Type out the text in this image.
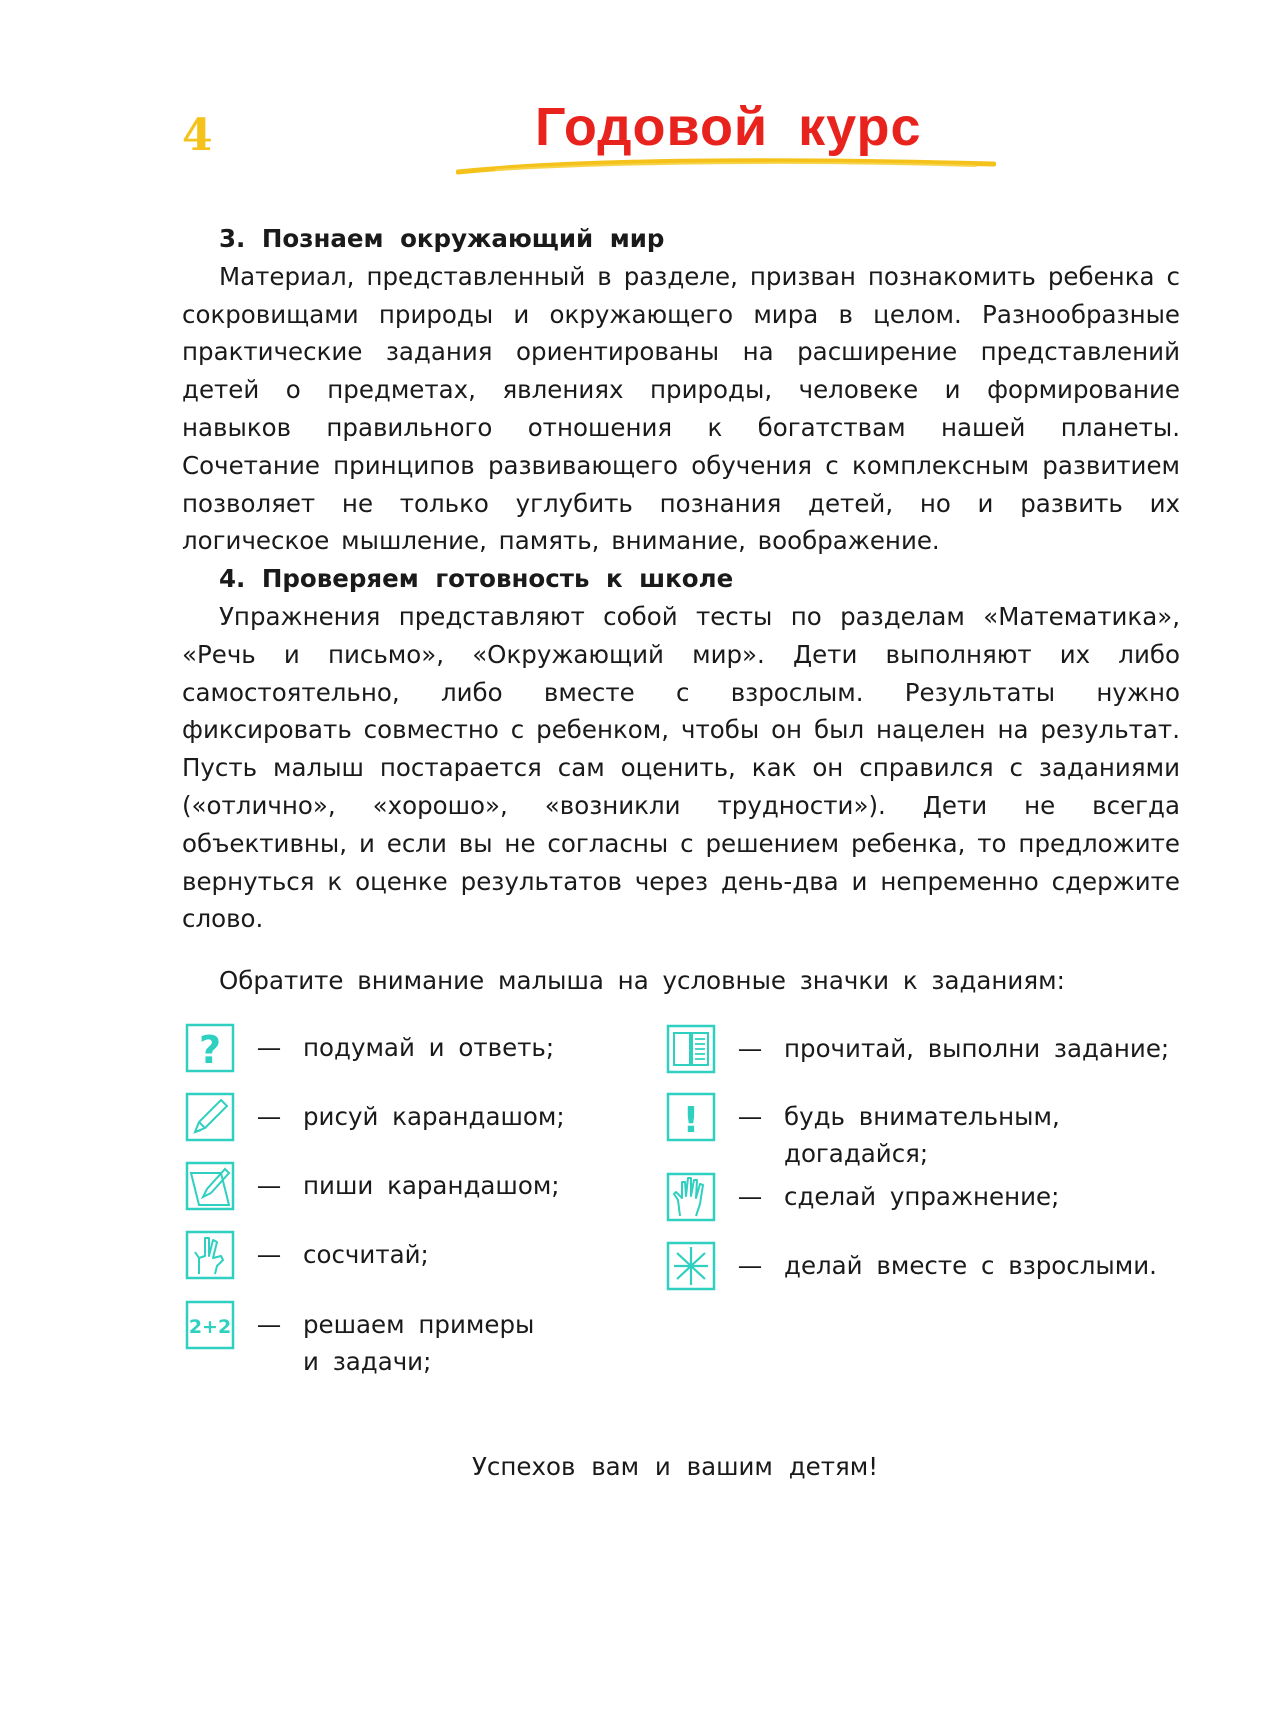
4	Годовой курс
3. Познаем окружающий мир

Материал, представленный в разделе, призван познакомить ребенка с сокровищами природы и окружающего мира в целом. Разнообразные практические задания ориентированы на расширение представлений детей о предметах, явлениях природы, человеке и формирование навыков правильного отношения к богатствам нашей планеты. Сочетание принципов развивающего обучения с комплексным развитием позволяет не только углубить познания детей, но и развить их логическое мышление, память, внимание, воображение.

4. Проверяем готовность к школе

Упражнения представляют собой тесты по разделам «Математика», «Речь и письмо», «Окружающий мир». Дети выполняют их либо самостоятельно, либо вместе с взрослым. Результаты нужно фиксировать совместно с ребенком, чтобы он был нацелен на результат. Пусть малыш постарается сам оценить, как он справился с заданиями («отлично», «хорошо», «возникли трудности»). Дети не всегда объективны, и если вы не согласны с решением ребенка, то предложите вернуться к оценке результатов через день-два и непременно сдержите слово.

Обратите внимание малыша на условные значки к заданиям:
?	— подумай и ответь;
— рисуй карандашом;
— пиши карандашом;
— сосчитай;
2+2	— решаем примеры
и задачи;
— прочитай, выполни задание;
!	— будь внимательным,
догадайся;
— сделай упражнение;
— делай вместе с взрослыми.
Успехов вам и вашим детям!
